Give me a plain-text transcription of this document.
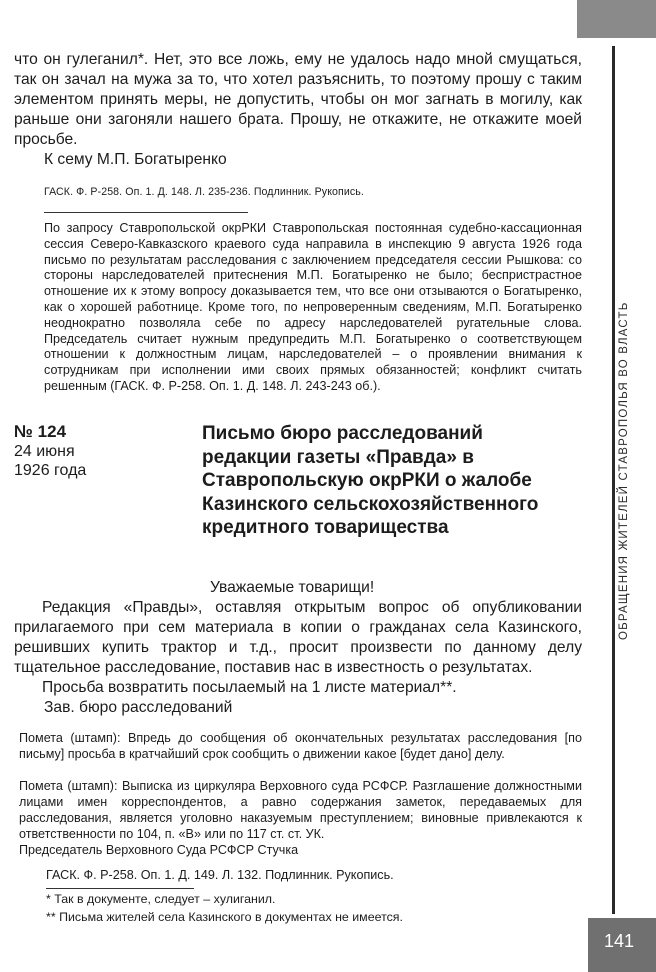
ОБРАЩЕНИЯ ЖИТЕЛЕЙ СТАВРОПОЛЬЯ ВО ВЛАСТЬ

что он гулеганил*. Нет, это все ложь, ему не удалось надо мной смущаться, так он зачал на мужа за то, что хотел разъяснить, то поэтому прошу с таким элементом принять меры, не допустить, чтобы он мог загнать в могилу, как раньше они загоняли нашего брата. Прошу, не откажите, не откажите моей просьбе.

К сему М.П. Богатыренко

ГАСК. Ф. Р-258. Оп. 1. Д. 148. Л. 235-236. Подлинник. Рукопись.

По запросу Ставропольской окрРКИ Ставропольская постоянная судебно-кассационная сессия Северо-Кавказского краевого суда направила в инспекцию 9 августа 1926 года письмо по результатам расследования с заключением председателя сессии Рышкова: со стороны нарследователей притеснения М.П. Богатыренко не было; беспристрастное отношение их к этому вопросу доказывается тем, что все они отзываются о Богатыренко, как о хорошей работнице. Кроме того, по непроверенным сведениям, М.П. Богатыренко неоднократно позволяла себе по адресу нарследователей ругательные слова. Председатель считает нужным предупредить М.П. Богатыренко о соответствующем отношении к должностным лицам, нарследователей – о проявлении внимания к сотрудникам при исполнении ими своих прямых обязанностей; конфликт считать решенным (ГАСК. Ф. Р-258. Оп. 1. Д. 148. Л. 243-243 об.).

№ 124

24 июня

1926 года

Письмо бюро расследований редакции газеты «Правда» в Ставропольскую окрРКИ о жалобе Казинского сельскохозяйственного кредитного товарищества

Уважаемые товарищи!

Редакция «Правды», оставляя открытым вопрос об опубликовании прилагаемого при сем материала в копии о гражданах села Казинского, решивших купить трактор и т.д., просит произвести по данному делу тщательное расследование, поставив нас в известность о результатах.

Просьба возвратить посылаемый на 1 листе материал**.

Зав. бюро расследований

Помета (штамп): Впредь до сообщения об окончательных результатах расследования [по письму] просьба в кратчайший срок сообщить о движении какое [будет дано] делу.

Помета (штамп): Выписка из циркуляра Верховного суда РСФСР. Разглашение должностными лицами имен корреспондентов, а равно содержания заметок, передаваемых для расследования, является уголовно наказуемым преступлением; виновные привлекаются к ответственности по 104, п. «В» или по 117 ст. ст. УК.

Председатель Верховного Суда РСФСР Стучка

ГАСК. Ф. Р-258. Оп. 1. Д. 149. Л. 132. Подлинник. Рукопись.

* Так в документе, следует – хулиганил.

** Письма жителей села Казинского в документах не имеется.

141
